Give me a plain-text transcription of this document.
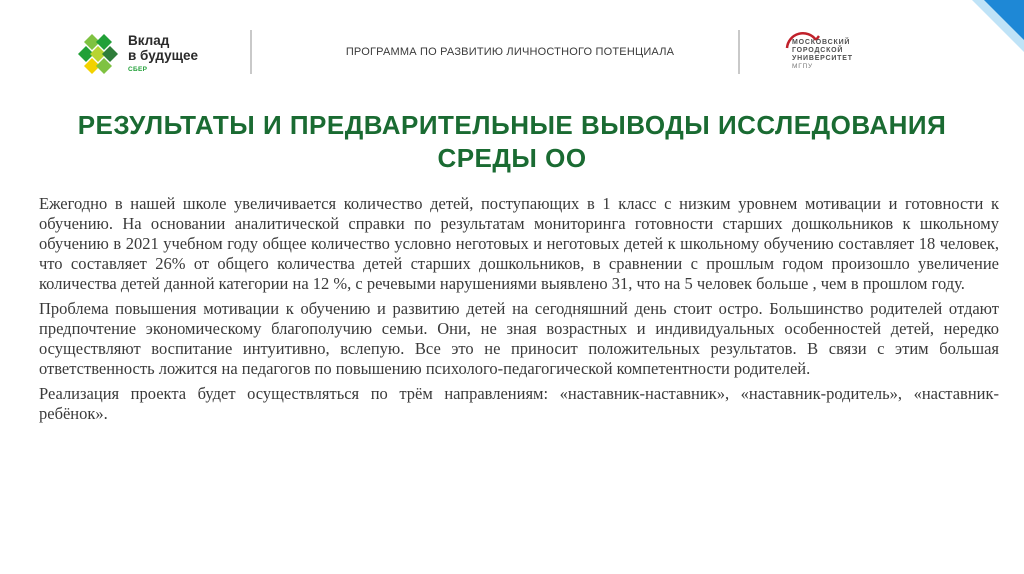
Вклад
в будущее
СБЕР
ПРОГРАММА ПО РАЗВИТИЮ ЛИЧНОСТНОГО ПОТЕНЦИАЛА
МОСКОВСКИЙ
ГОРОДСКОЙ
УНИВЕРСИТЕТ
МГПУ
РЕЗУЛЬТАТЫ И ПРЕДВАРИТЕЛЬНЫЕ ВЫВОДЫ ИССЛЕДОВАНИЯ
СРЕДЫ ОО

Ежегодно в нашей школе увеличивается количество детей, поступающих в 1 класс с низким уровнем мотивации и готовности к обучению. На основании аналитической справки по результатам мониторинга готовности старших дошкольников к школьному обучению в 2021 учебном году общее количество условно неготовых и неготовых детей к школьному обучению составляет 18 человек, что составляет 26% от общего количества детей старших дошкольников, в сравнении с прошлым годом произошло увеличение количества детей данной категории на 12 %, с речевыми нарушениями выявлено 31, что на 5 человек больше , чем в прошлом году.

Проблема повышения мотивации к обучению и развитию детей на сегодняшний день стоит остро. Большинство родителей отдают предпочтение экономическому благополучию семьи. Они, не зная возрастных и индивидуальных особенностей детей, нередко осуществляют воспитание интуитивно, вслепую. Все это не приносит положительных результатов. В связи с этим большая ответственность ложится на педагогов по повышению психолого-педагогической компетентности родителей.

Реализация проекта будет осуществляться по трём направлениям: «наставник-наставник», «наставник-родитель», «наставник-ребёнок».
